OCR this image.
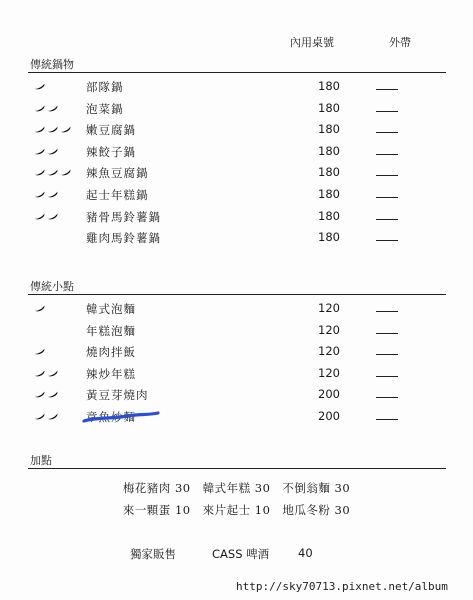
內用桌號	外帶
傳統鍋物
部隊鍋	180
泡菜鍋	180
嫩豆腐鍋	180
辣餃子鍋	180
辣魚豆腐鍋	180
起士年糕鍋	180
豬骨馬鈴薯鍋	180
雞肉馬鈴薯鍋	180
傳統小點
韓式泡麵	120
年糕泡麵	120
燒肉拌飯	120
辣炒年糕	120
黃豆芽燒肉	200
章魚炒麵	200
加點
梅花豬肉 30　韓式年糕 30　不倒翁麵 30
來一顆蛋 10　來片起士 10　地瓜冬粉 30
獨家販售	CASS 啤酒	40
http://sky70713.pixnet.net/album
